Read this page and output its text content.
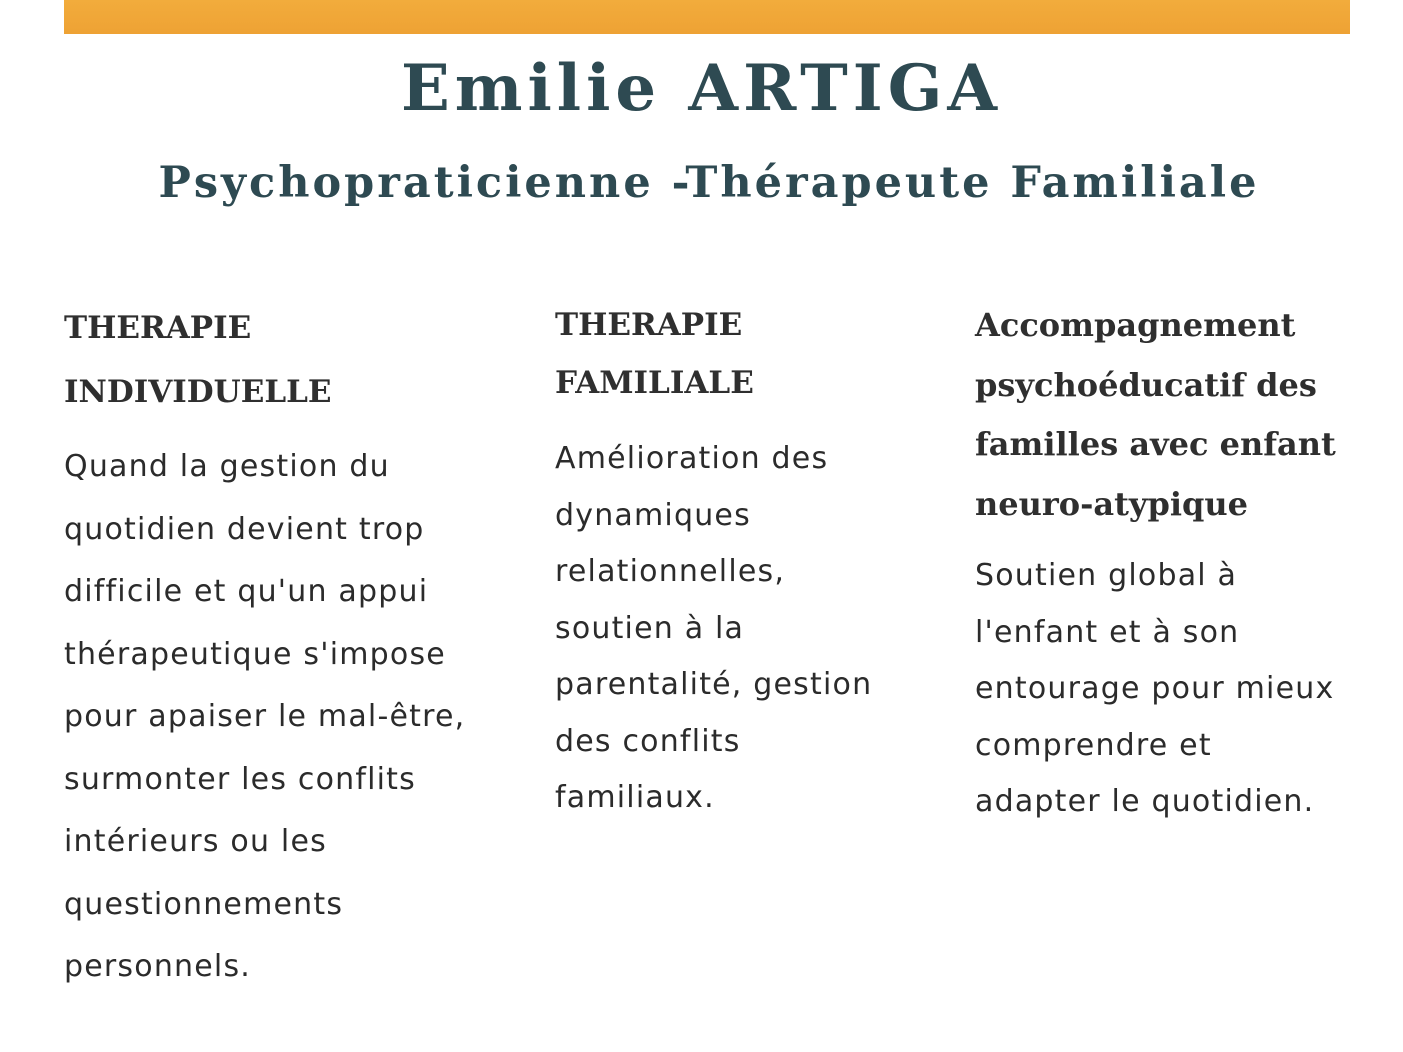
Emilie ARTIGA
Psychopraticienne -Thérapeute Familiale
THERAPIE INDIVIDUELLE

Quand la gestion du quotidien devient trop difficile et qu'un appui thérapeutique s'impose pour apaiser le mal-être, surmonter les conflits intérieurs ou les questionnements personnels.

THERAPIE FAMILIALE

Amélioration des dynamiques relationnelles, soutien à la parentalité, gestion des conflits familiaux.

Accompagnement psychoéducatif des familles avec enfant neuro-atypique

Soutien global à l'enfant et à son entourage pour mieux comprendre et adapter le quotidien.
